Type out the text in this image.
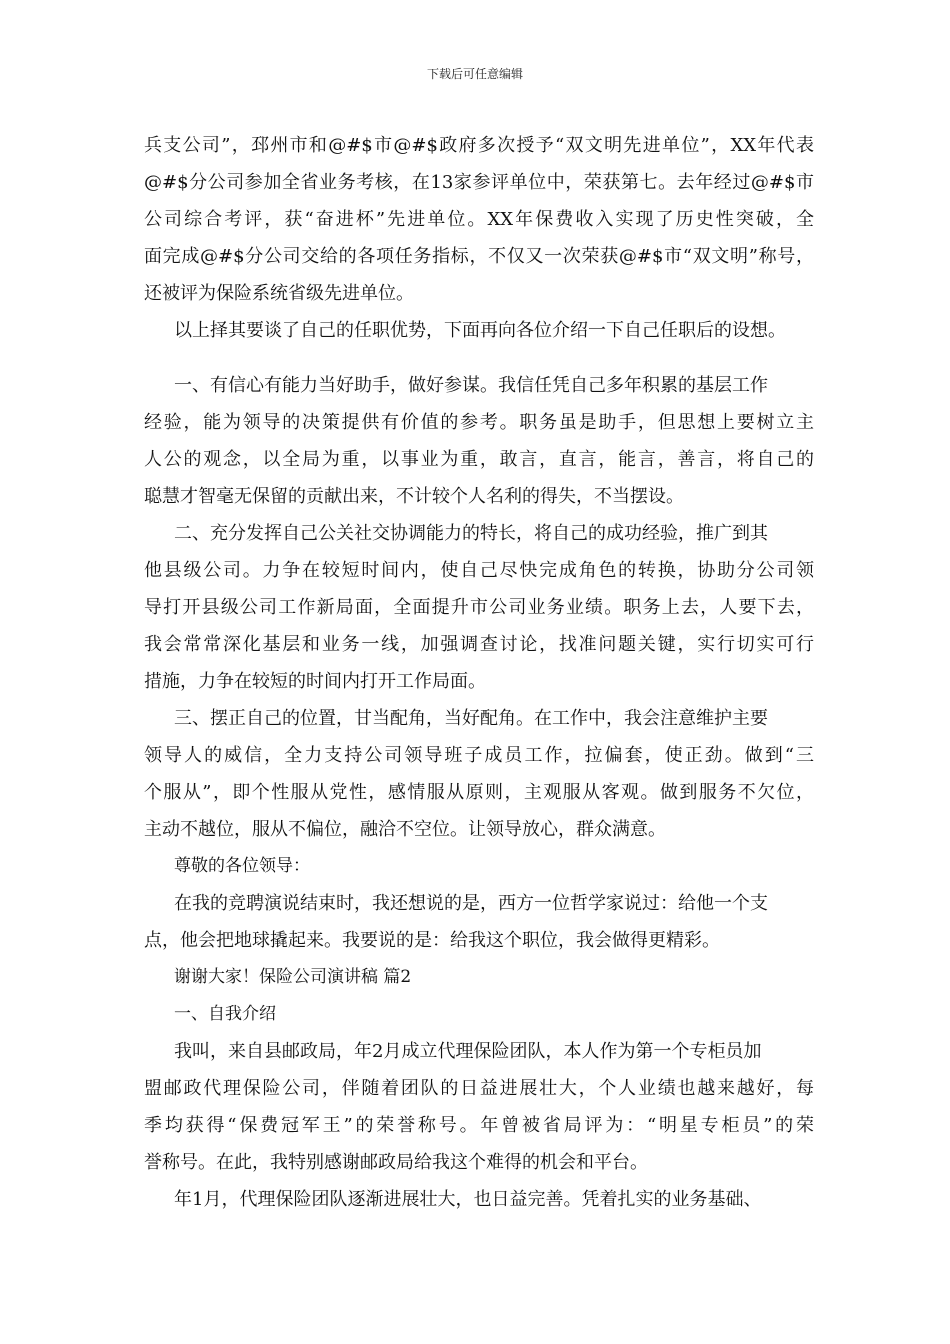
下载后可任意编辑
兵支公司”，邳州市和@#$市@#$政府多次授予“双文明先进单位”，XX年代表
@#$分公司参加全省业务考核，在13家参评单位中，荣获第七。去年经过@#$市
公司综合考评，获“奋进杯”先进单位。XX年保费收入实现了历史性突破，全
面完成@#$分公司交给的各项任务指标，不仅又一次荣获@#$市“双文明”称号，
还被评为保险系统省级先进单位。
以上择其要谈了自己的任职优势，下面再向各位介绍一下自己任职后的设想。
一、有信心有能力当好助手，做好参谋。我信任凭自己多年积累的基层工作
经验，能为领导的决策提供有价值的参考。职务虽是助手，但思想上要树立主
人公的观念，以全局为重，以事业为重，敢言，直言，能言，善言，将自己的
聪慧才智毫无保留的贡献出来，不计较个人名利的得失，不当摆设。
二、充分发挥自己公关社交协调能力的特长，将自己的成功经验，推广到其
他县级公司。力争在较短时间内，使自己尽快完成角色的转换，协助分公司领
导打开县级公司工作新局面，全面提升市公司业务业绩。职务上去，人要下去，
我会常常深化基层和业务一线，加强调查讨论，找准问题关键，实行切实可行
措施，力争在较短的时间内打开工作局面。
三、摆正自己的位置，甘当配角，当好配角。在工作中，我会注意维护主要
领导人的威信，全力支持公司领导班子成员工作，拉偏套，使正劲。做到“三
个服从”，即个性服从党性，感情服从原则，主观服从客观。做到服务不欠位，
主动不越位，服从不偏位，融洽不空位。让领导放心，群众满意。
尊敬的各位领导：
在我的竞聘演说结束时，我还想说的是，西方一位哲学家说过：给他一个支
点，他会把地球撬起来。我要说的是：给我这个职位，我会做得更精彩。
谢谢大家！保险公司演讲稿 篇2
一、自我介绍
我叫，来自县邮政局，年2月成立代理保险团队，本人作为第一个专柜员加
盟邮政代理保险公司，伴随着团队的日益进展壮大，个人业绩也越来越好，每
季均获得“保费冠军王”的荣誉称号。年曾被省局评为：“明星专柜员”的荣
誉称号。在此，我特别感谢邮政局给我这个难得的机会和平台。
年1月，代理保险团队逐渐进展壮大，也日益完善。凭着扎实的业务基础、
